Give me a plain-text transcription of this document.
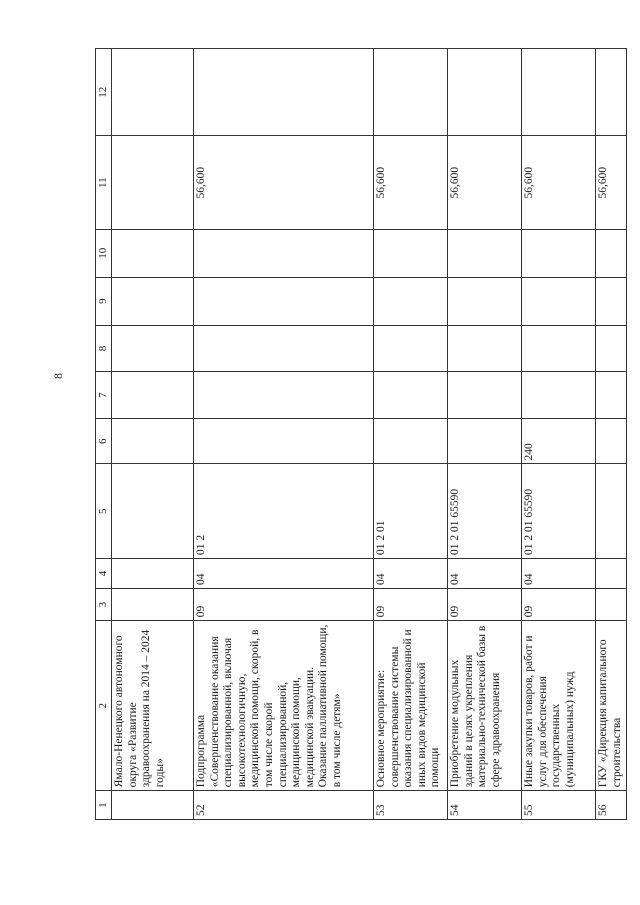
8
1	2	3	4	5	6	7	8	9	10	11	12
	Ямало-Ненецкого автономного округа «Развитие здравоохранения на 2014 – 2024 годы»										
52	Подпрограмма «Совершенствование оказания специализированной, включая высокотехнологичную, медицинской помощи, скорой, в том числе скорой специализированной, медицинской помощи, медицинской эвакуации. Оказание паллиативной помощи, в том числе детям»	09	04	01 2						56,600	
53	Основное мероприятие: совершенствование системы оказания специализированной и иных видов медицинской помощи	09	04	01 2 01						56,600	
54	Приобретение модульных зданий в целях укрепления материально-технической базы в сфере здравоохранения	09	04	01 2 01 65590						56,600	
55	Иные закупки товаров, работ и услуг для обеспечения государственных (муниципальных) нужд	09	04	01 2 01 65590	240					56,600	
56	ГКУ «Дирекция капитального строительства									56,600	
